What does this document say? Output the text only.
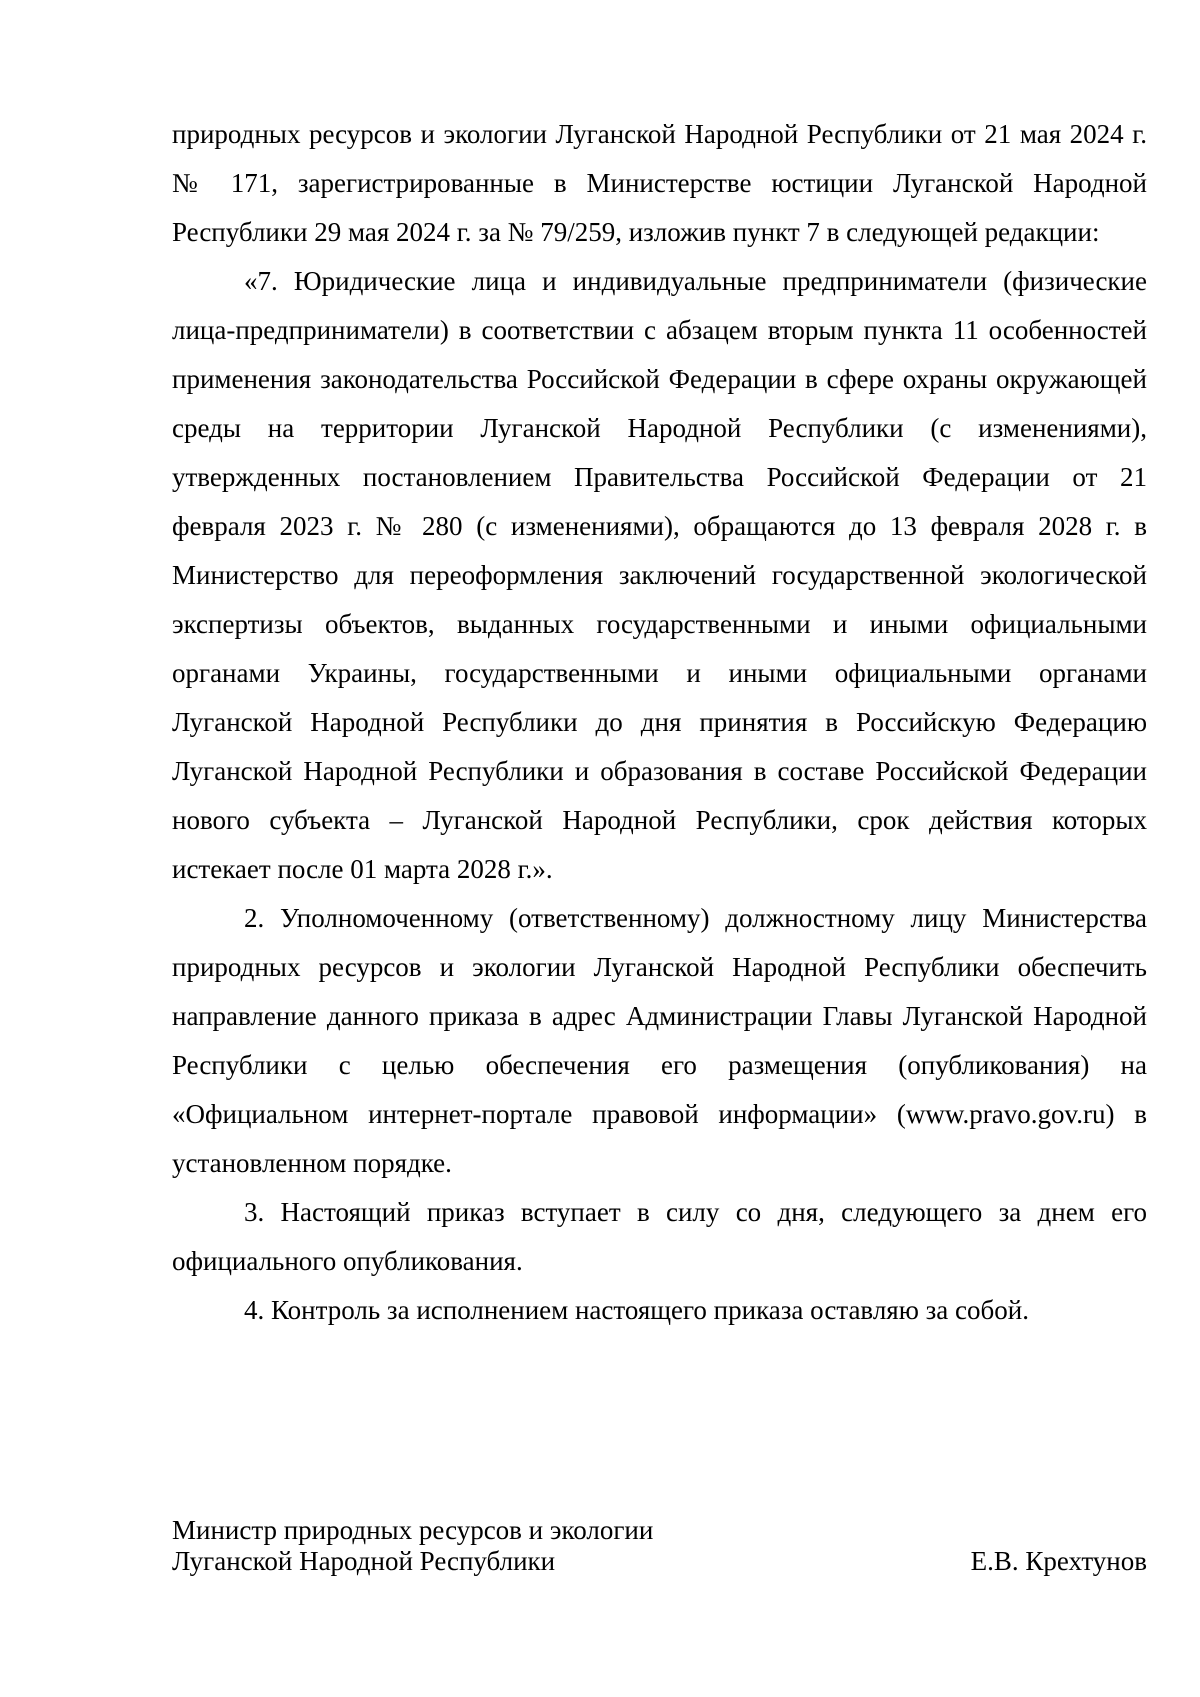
природных ресурсов и экологии Луганской Народной Республики от 21 мая 2024 г. № 171, зарегистрированные в Министерстве юстиции Луганской Народной Республики 29 мая 2024 г. за № 79/259, изложив пункт 7 в следующей редакции:

«7. Юридические лица и индивидуальные предприниматели (физические лица-предприниматели) в соответствии с абзацем вторым пункта 11 особенностей применения законодательства Российской Федерации в сфере охраны окружающей среды на территории Луганской Народной Республики (с изменениями), утвержденных постановлением Правительства Российской Федерации от 21 февраля 2023 г. № 280 (с изменениями), обращаются до 13 февраля 2028 г. в Министерство для переоформления заключений государственной экологической экспертизы объектов, выданных государственными и иными официальными органами Украины, государственными и иными официальными органами Луганской Народной Республики до дня принятия в Российскую Федерацию Луганской Народной Республики и образования в составе Российской Федерации нового субъекта – Луганской Народной Республики, срок действия которых истекает после 01 марта 2028 г.».

2. Уполномоченному (ответственному) должностному лицу Министерства природных ресурсов и экологии Луганской Народной Республики обеспечить направление данного приказа в адрес Администрации Главы Луганской Народной Республики с целью обеспечения его размещения (опубликования) на «Официальном интернет-портале правовой информации» (www.pravo.gov.ru) в установленном порядке.

3. Настоящий приказ вступает в силу со дня, следующего за днем его официального опубликования.

4. Контроль за исполнением настоящего приказа оставляю за собой.

Министр природных ресурсов и экологии
Луганской Народной Республики	Е.В. Крехтунов
